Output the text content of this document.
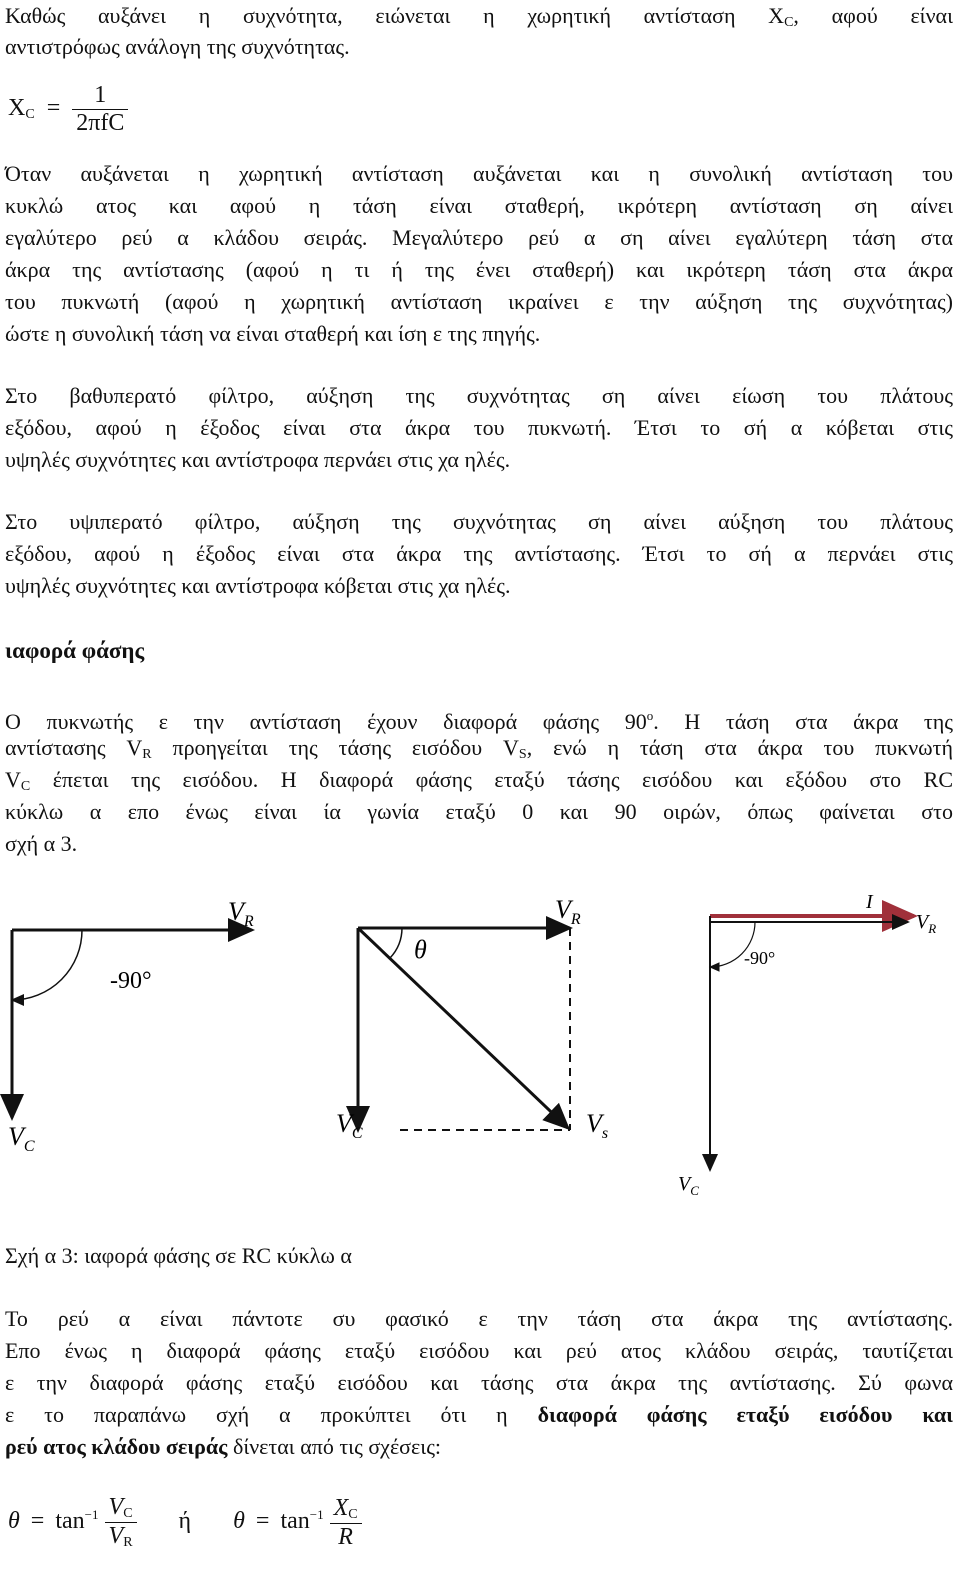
Καθώς αυξάνει η συχνότητα, ειώνεται η χωρητική αντίσταση $X_C$, αφού είναι
αντιστρόφως ανάλογη της συχνότητας.
$X_C = \frac{1}{\text{2πfC}}$
Όταν αυξάνεται η χωρητική αντίσταση αυξάνεται και η συνολική αντίσταση του
κυκλώ ατος και αφού η τάση είναι σταθερή, ικρότερη αντίσταση ση αίνει
εγαλύτερο ρεύ α κλάδου σειράς. Μεγαλύτερο ρεύ α ση αίνει εγαλύτερη τάση στα
άκρα της αντίστασης (αφού η τι ή της ένει σταθερή) και ικρότερη τάση στα άκρα
του πυκνωτή (αφού η χωρητική αντίσταση ικραίνει ε την αύξηση της συχνότητας)
ώστε η συνολική τάση να είναι σταθερή και ίση ε της πηγής.
Στο βαθυπερατό φίλτρο, αύξηση της συχνότητας ση αίνει είωση του πλάτους
εξόδου, αφού η έξοδος είναι στα άκρα του πυκνωτή. Έτσι το σή α κόβεται στις
υψηλές συχνότητες και αντίστροφα περνάει στις χα ηλές.
Στο υψιπερατό φίλτρο, αύξηση της συχνότητας ση αίνει αύξηση του πλάτους
εξόδου, αφού η έξοδος είναι στα άκρα της αντίστασης. Έτσι το σή α περνάει στις
υψηλές συχνότητες και αντίστροφα κόβεται στις χα ηλές.
ιαφορά φάσης
Ο πυκνωτής ε την αντίσταση έχουν διαφορά φάσης 90$^o$. Η τάση στα άκρα της
αντίστασης $V_R$ προηγείται της τάσης εισόδου $V_S$, ενώ η τάση στα άκρα του πυκνωτή
$V_C$ έπεται της εισόδου. Η διαφορά φάσης εταξύ τάσης εισόδου και εξόδου στο RC
κύκλω α επο ένως είναι ία γωνία εταξύ 0 και 90 οιρών, όπως φαίνεται στο
σχή α 3.
$V_R$
-90°
$V_C$
$V_R$
θ
$V_C$	$V_s$
I
$V_R$
-90°
$V_C$
Σχή α 3: ιαφορά φάσης σε RC κύκλω α
Το ρεύ α είναι πάντοτε συ φασικό ε την τάση στα άκρα της αντίστασης.
Επο ένως η διαφορά φάσης εταξύ εισόδου και ρεύ ατος κλάδου σειράς, ταυτίζεται
ε την διαφορά φάσης εταξύ εισόδου και τάσης στα άκρα της αντίστασης. Σύ φωνα
ε το παραπάνω σχή α προκύπτει ότι η διαφορά φάσης εταξύ εισόδου και
ρεύ ατος κλάδου σειράς δίνεται από τις σχέσεις:
$\theta = \tan^{-1} \frac{V_C}{V_R}$ ή $\theta = \tan^{-1} \frac{X_C}{R}$
